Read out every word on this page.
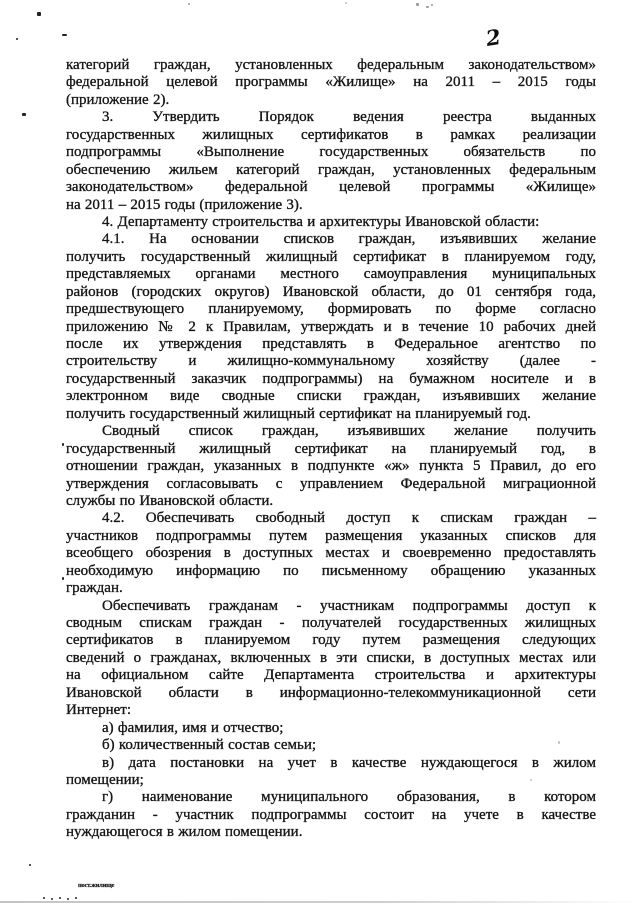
2
категорий граждан, установленных федеральным законодательством»
федеральной целевой программы «Жилище» на 2011 – 2015 годы
(приложение 2).
3. Утвердить Порядок ведения реестра выданных
государственных жилищных сертификатов в рамках реализации
подпрограммы «Выполнение государственных обязательств по
обеспечению жильем категорий граждан, установленных федеральным
законодательством» федеральной целевой программы «Жилище»
на 2011 – 2015 годы (приложение 3).
4. Департаменту строительства и архитектуры Ивановской области:
4.1. На основании списков граждан, изъявивших желание
получить государственный жилищный сертификат в планируемом году,
представляемых органами местного самоуправления муниципальных
районов (городских округов) Ивановской области, до 01 сентября года,
предшествующего планируемому, формировать по форме согласно
приложению № 2 к Правилам, утверждать и в течение 10 рабочих дней
после их утверждения представлять в Федеральное агентство по
строительству и жилищно-коммунальному хозяйству (далее -
государственный заказчик подпрограммы) на бумажном носителе и в
электронном виде сводные списки граждан, изъявивших желание
получить государственный жилищный сертификат на планируемый год.
Сводный список граждан, изъявивших желание получить
государственный жилищный сертификат на планируемый год, в
отношении граждан, указанных в подпункте «ж» пункта 5 Правил, до его
утверждения согласовывать с управлением Федеральной миграционной
службы по Ивановской области.
4.2. Обеспечивать свободный доступ к спискам граждан –
участников подпрограммы путем размещения указанных списков для
всеобщего обозрения в доступных местах и своевременно предоставлять
необходимую информацию по письменному обращению указанных
граждан.
Обеспечивать гражданам - участникам подпрограммы доступ к
сводным спискам граждан - получателей государственных жилищных
сертификатов в планируемом году путем размещения следующих
сведений о гражданах, включенных в эти списки, в доступных местах или
на официальном сайте Департамента строительства и архитектуры
Ивановской области в информационно-телекоммуникационной сети
Интернет:
а) фамилия, имя и отчество;
б) количественный состав семьи;
в) дата постановки на учет в качестве нуждающегося в жилом
помещении;
г) наименование муниципального образования, в котором
гражданин - участник подпрограммы состоит на учете в качестве
нуждающегося в жилом помещении.
пост.жилище
